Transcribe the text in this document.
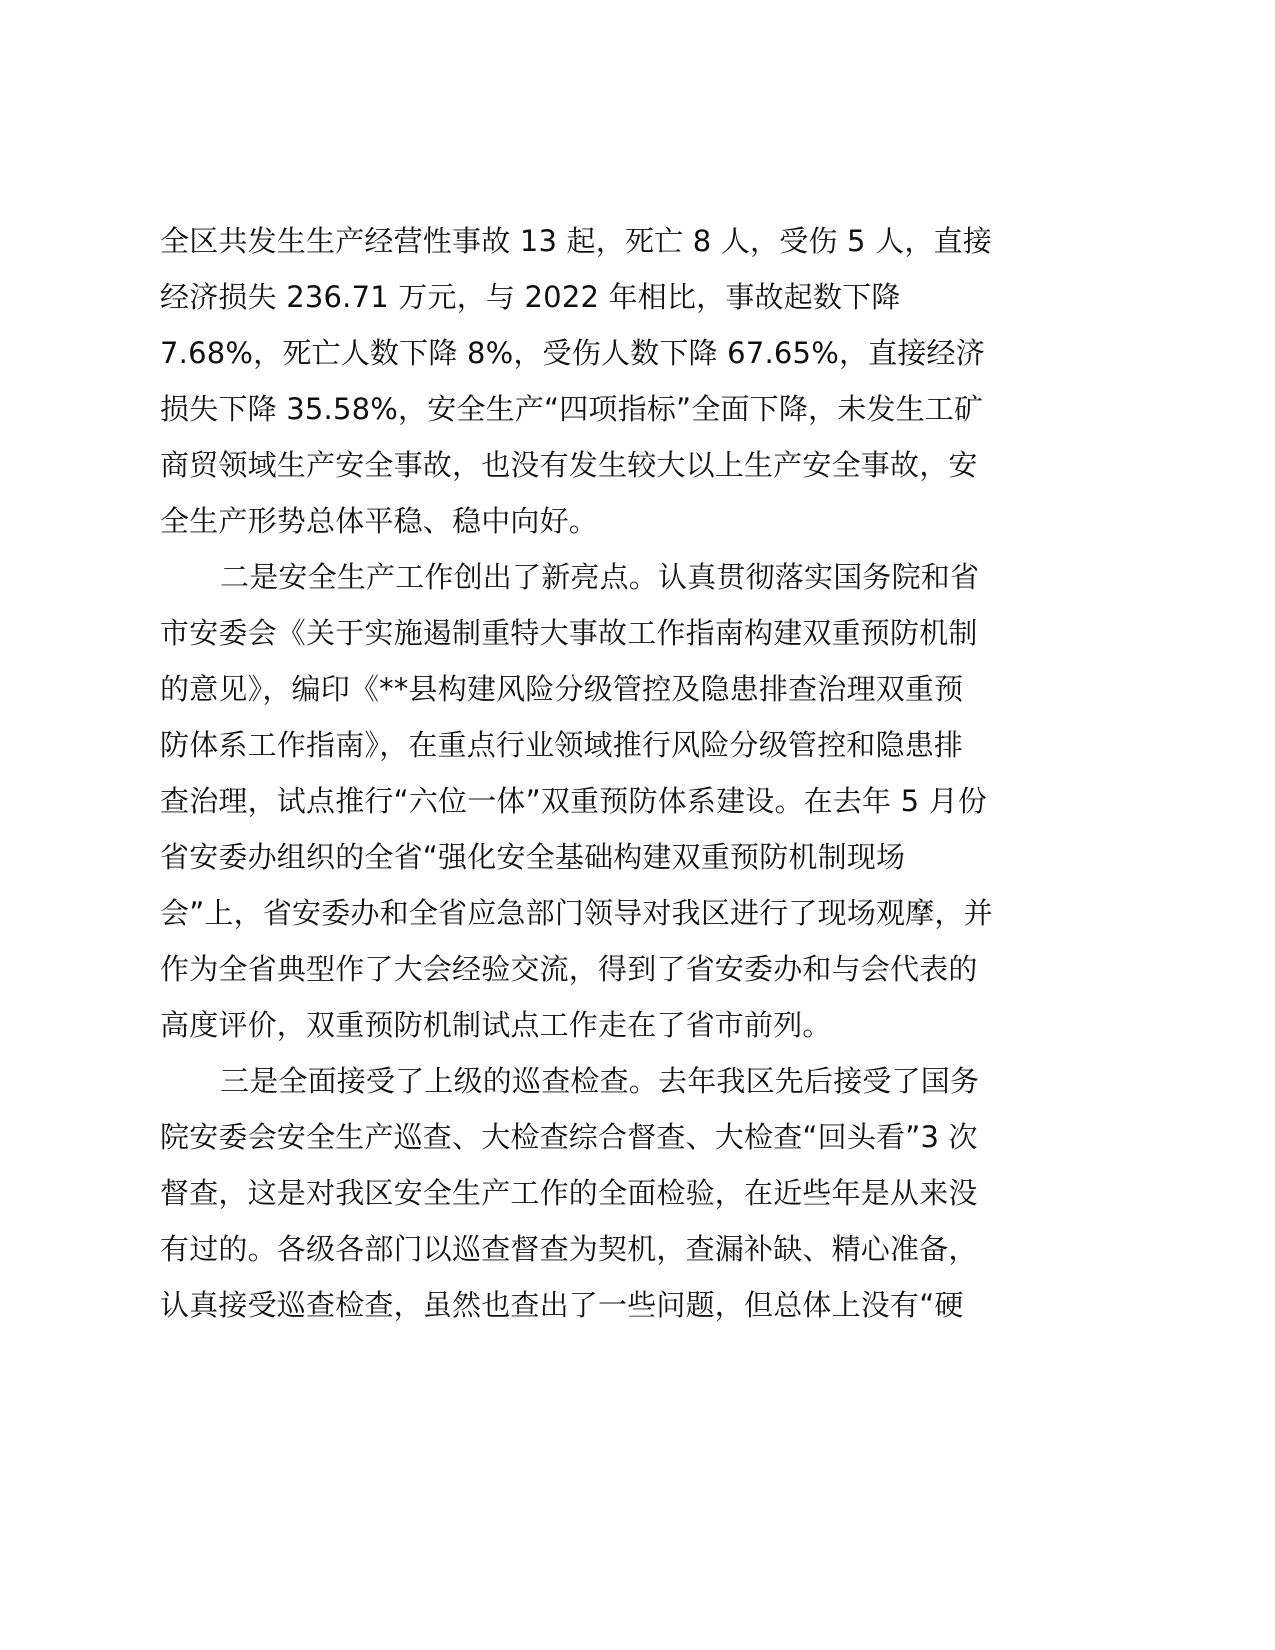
全区共发生生产经营性事故 13 起，死亡 8 人，受伤 5 人，直接
经济损失 236.71 万元，与 2022 年相比，事故起数下降
7.68%，死亡人数下降 8%，受伤人数下降 67.65%，直接经济
损失下降 35.58%，安全生产“四项指标”全面下降，未发生工矿
商贸领域生产安全事故，也没有发生较大以上生产安全事故，安
全生产形势总体平稳、稳中向好。
二是安全生产工作创出了新亮点。认真贯彻落实国务院和省
市安委会《关于实施遏制重特大事故工作指南构建双重预防机制
的意见》，编印《**县构建风险分级管控及隐患排查治理双重预
防体系工作指南》，在重点行业领域推行风险分级管控和隐患排
查治理，试点推行“六位一体”双重预防体系建设。在去年 5 月份
省安委办组织的全省“强化安全基础构建双重预防机制现场
会”上，省安委办和全省应急部门领导对我区进行了现场观摩，并
作为全省典型作了大会经验交流，得到了省安委办和与会代表的
高度评价，双重预防机制试点工作走在了省市前列。
三是全面接受了上级的巡查检查。去年我区先后接受了国务
院安委会安全生产巡查、大检查综合督查、大检查“回头看”3 次
督查，这是对我区安全生产工作的全面检验，在近些年是从来没
有过的。各级各部门以巡查督查为契机，查漏补缺、精心准备，
认真接受巡查检查，虽然也查出了一些问题，但总体上没有“硬
